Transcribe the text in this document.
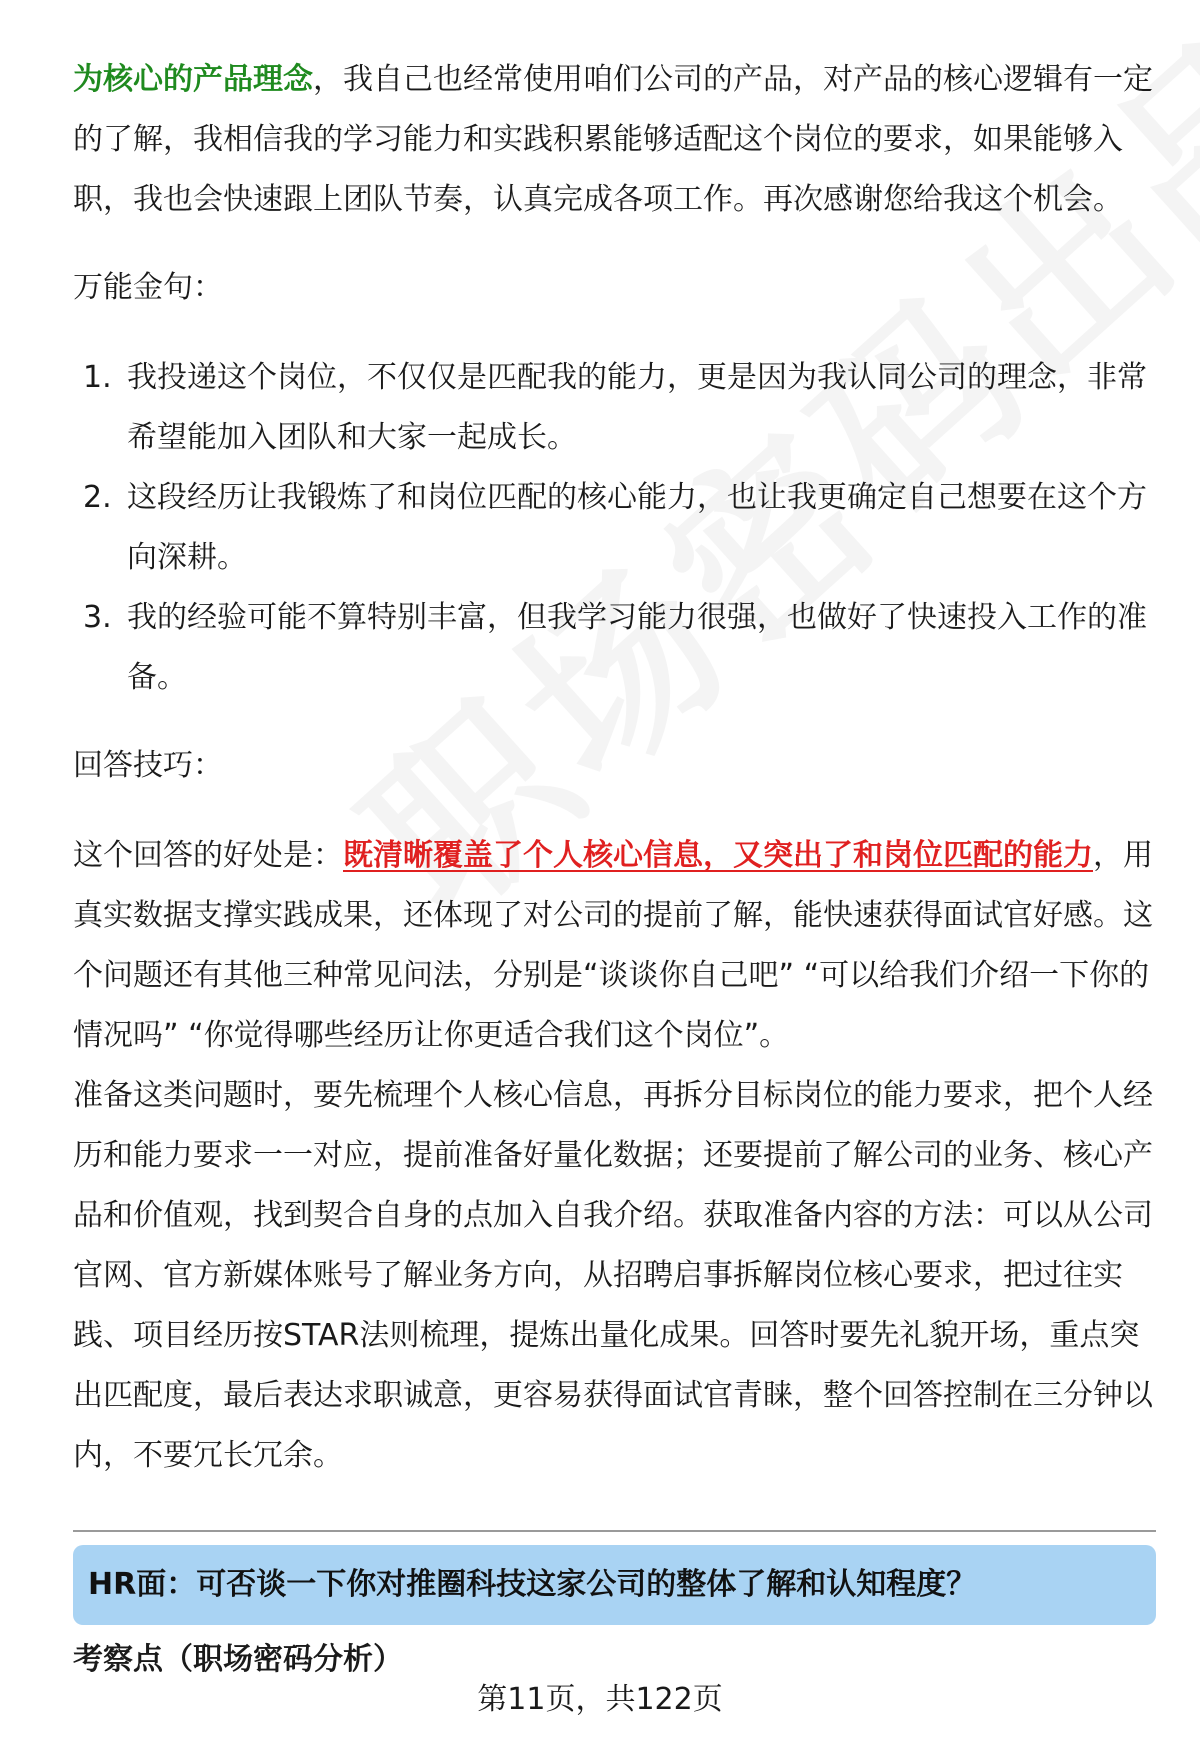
为核心的产品理念，我自己也经常使用咱们公司的产品，对产品的核心逻辑有一定的了解，我相信我的学习能力和实践积累能够适配这个岗位的要求，如果能够入职，我也会快速跟上团队节奏，认真完成各项工作。再次感谢您给我这个机会。

万能金句：

1. 我投递这个岗位，不仅仅是匹配我的能力，更是因为我认同公司的理念，非常希望能加入团队和大家一起成长。
2. 这段经历让我锻炼了和岗位匹配的核心能力，也让我更确定自己想要在这个方向深耕。
3. 我的经验可能不算特别丰富，但我学习能力很强，也做好了快速投入工作的准备。

回答技巧：

这个回答的好处是：既清晰覆盖了个人核心信息，又突出了和岗位匹配的能力，用真实数据支撑实践成果，还体现了对公司的提前了解，能快速获得面试官好感。这个问题还有其他三种常见问法，分别是“谈谈你自己吧” “可以给我们介绍一下你的情况吗” “你觉得哪些经历让你更适合我们这个岗位”。

准备这类问题时，要先梳理个人核心信息，再拆分目标岗位的能力要求，把个人经历和能力要求一一对应，提前准备好量化数据；还要提前了解公司的业务、核心产品和价值观，找到契合自身的点加入自我介绍。获取准备内容的方法：可以从公司官网、官方新媒体账号了解业务方向，从招聘启事拆解岗位核心要求，把过往实践、项目经历按STAR法则梳理，提炼出量化成果。回答时要先礼貌开场，重点突出匹配度，最后表达求职诚意，更容易获得面试官青睐，整个回答控制在三分钟以内，不要冗长冗余。

HR面：可否谈一下你对推圈科技这家公司的整体了解和认知程度？
考察点（职场密码分析）
第11页，共122页
